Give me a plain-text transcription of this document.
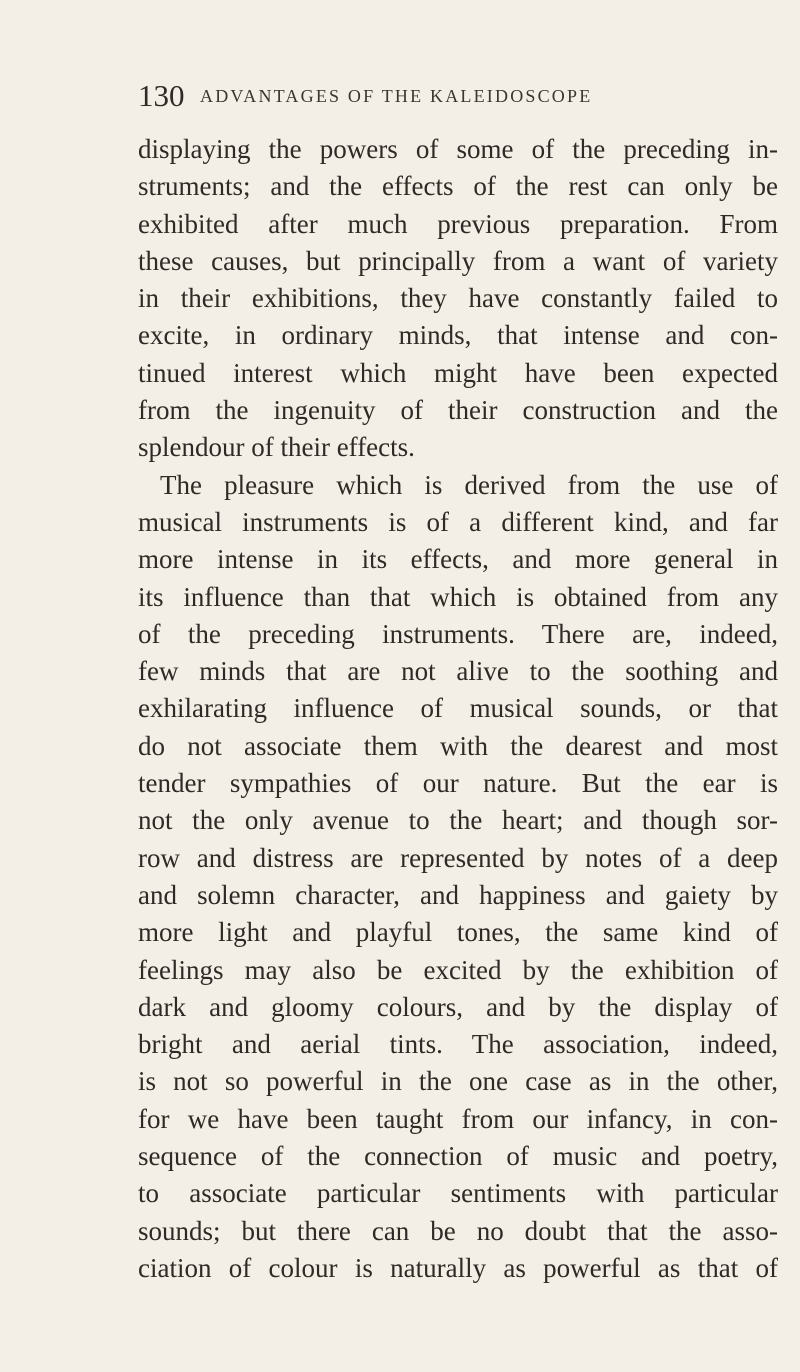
130 ADVANTAGES OF THE KALEIDOSCOPE
displaying the powers of some of the preceding in-
struments; and the effects of the rest can only be
exhibited after much previous preparation. From
these causes, but principally from a want of variety
in their exhibitions, they have constantly failed to
excite, in ordinary minds, that intense and con-
tinued interest which might have been expected
from the ingenuity of their construction and the
splendour of their effects.
The pleasure which is derived from the use of
musical instruments is of a different kind, and far
more intense in its effects, and more general in
its influence than that which is obtained from any
of the preceding instruments. There are, indeed,
few minds that are not alive to the soothing and
exhilarating influence of musical sounds, or that
do not associate them with the dearest and most
tender sympathies of our nature. But the ear is
not the only avenue to the heart; and though sor-
row and distress are represented by notes of a deep
and solemn character, and happiness and gaiety by
more light and playful tones, the same kind of
feelings may also be excited by the exhibition of
dark and gloomy colours, and by the display of
bright and aerial tints. The association, indeed,
is not so powerful in the one case as in the other,
for we have been taught from our infancy, in con-
sequence of the connection of music and poetry,
to associate particular sentiments with particular
sounds; but there can be no doubt that the asso-
ciation of colour is naturally as powerful as that of
